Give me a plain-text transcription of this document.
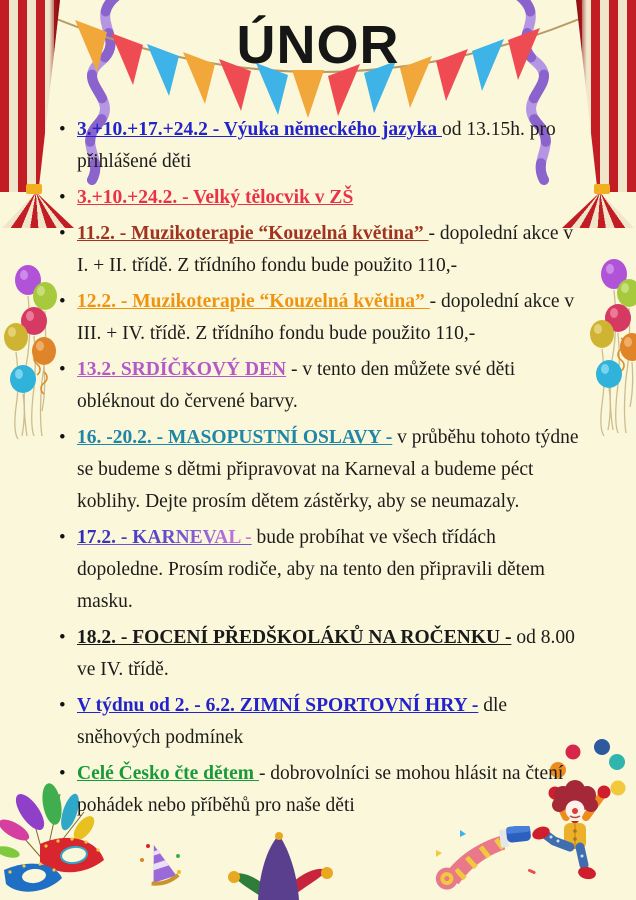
ÚNOR
• 3.+10.+17.+24.2 - Výuka německého jazyka od 13.15h. pro přihlášené děti
• 3.+10.+24.2. - Velký tělocvik v ZŠ
• 11.2. - Muzikoterapie “Kouzelná květina” - dopolední akce v I. + II. třídě. Z třídního fondu bude použito 110,-
• 12.2. - Muzikoterapie “Kouzelná květina” - dopolední akce v III. + IV. třídě. Z třídního fondu bude použito 110,-
• 13.2. SRDÍČKOVÝ DEN - v tento den můžete své děti obléknout do červené barvy.
• 16. -20.2. - MASOPUSTNÍ OSLAVY - v průběhu tohoto týdne se budeme s dětmi připravovat na Karneval a budeme péct koblihy. Dejte prosím dětem zástěrky, aby se neumazaly.
• 17.2. - KARNEVAL - bude probíhat ve všech třídách dopoledne. Prosím rodiče, aby na tento den připravili dětem masku.
• 18.2. - FOCENÍ PŘEDŠKOLÁKŮ NA ROČENKU - od 8.00 ve IV. třídě.
• V týdnu od 2. - 6.2. ZIMNÍ SPORTOVNÍ HRY - dle sněhových podmínek
• Celé Česko čte dětem - dobrovolníci se mohou hlásit na čtení pohádek nebo příběhů pro naše děti
